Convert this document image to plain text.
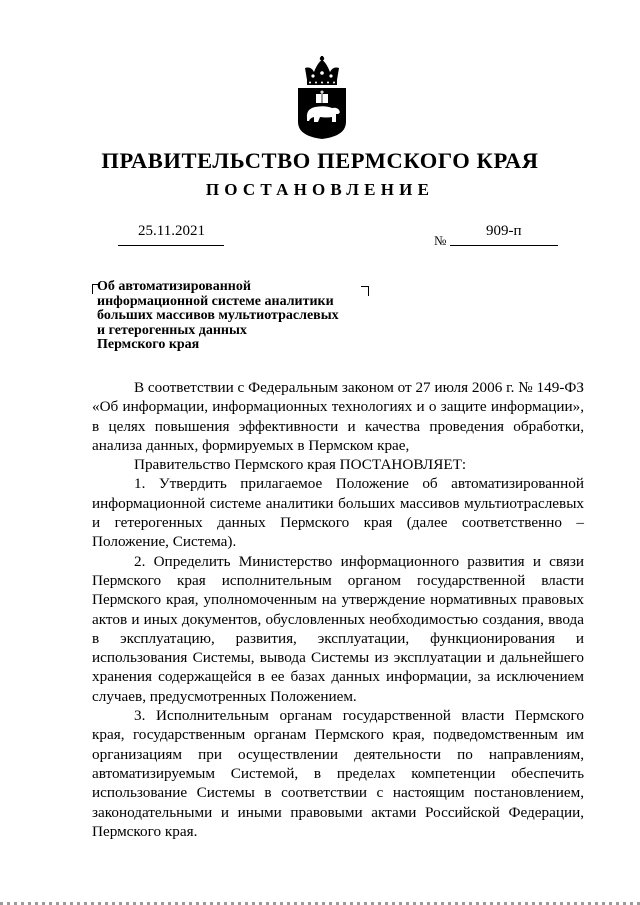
ПРАВИТЕЛЬСТВО ПЕРМСКОГО КРАЯ
ПОСТАНОВЛЕНИЕ
25.11.2021
№
909-п
Об автоматизированной
информационной системе аналитики
больших массивов мультиотраслевых
и гетерогенных данных
Пермского края

В соответствии с Федеральным законом от 27 июля 2006 г. № 149-ФЗ «Об информации, информационных технологиях и о защите информации», в целях повышения эффективности и качества проведения обработки, анализа данных, формируемых в Пермском крае,

Правительство Пермского края ПОСТАНОВЛЯЕТ:

1. Утвердить прилагаемое Положение об автоматизированной информационной системе аналитики больших массивов мультиотраслевых и гетерогенных данных Пермского края (далее соответственно – Положение, Система).

2. Определить Министерство информационного развития и связи Пермского края исполнительным органом государственной власти Пермского края, уполномоченным на утверждение нормативных правовых актов и иных документов, обусловленных необходимостью создания, ввода в эксплуатацию, развития, эксплуатации, функционирования и использования Системы, вывода Системы из эксплуатации и дальнейшего хранения содержащейся в ее базах данных информации, за исключением случаев, предусмотренных Положением.

3. Исполнительным органам государственной власти Пермского края, государственным органам Пермского края, подведомственным им организациям при осуществлении деятельности по направлениям, автоматизируемым Системой, в пределах компетенции обеспечить использование Системы в соответствии с настоящим постановлением, законодательными и иными правовыми актами Российской Федерации, Пермского края.
